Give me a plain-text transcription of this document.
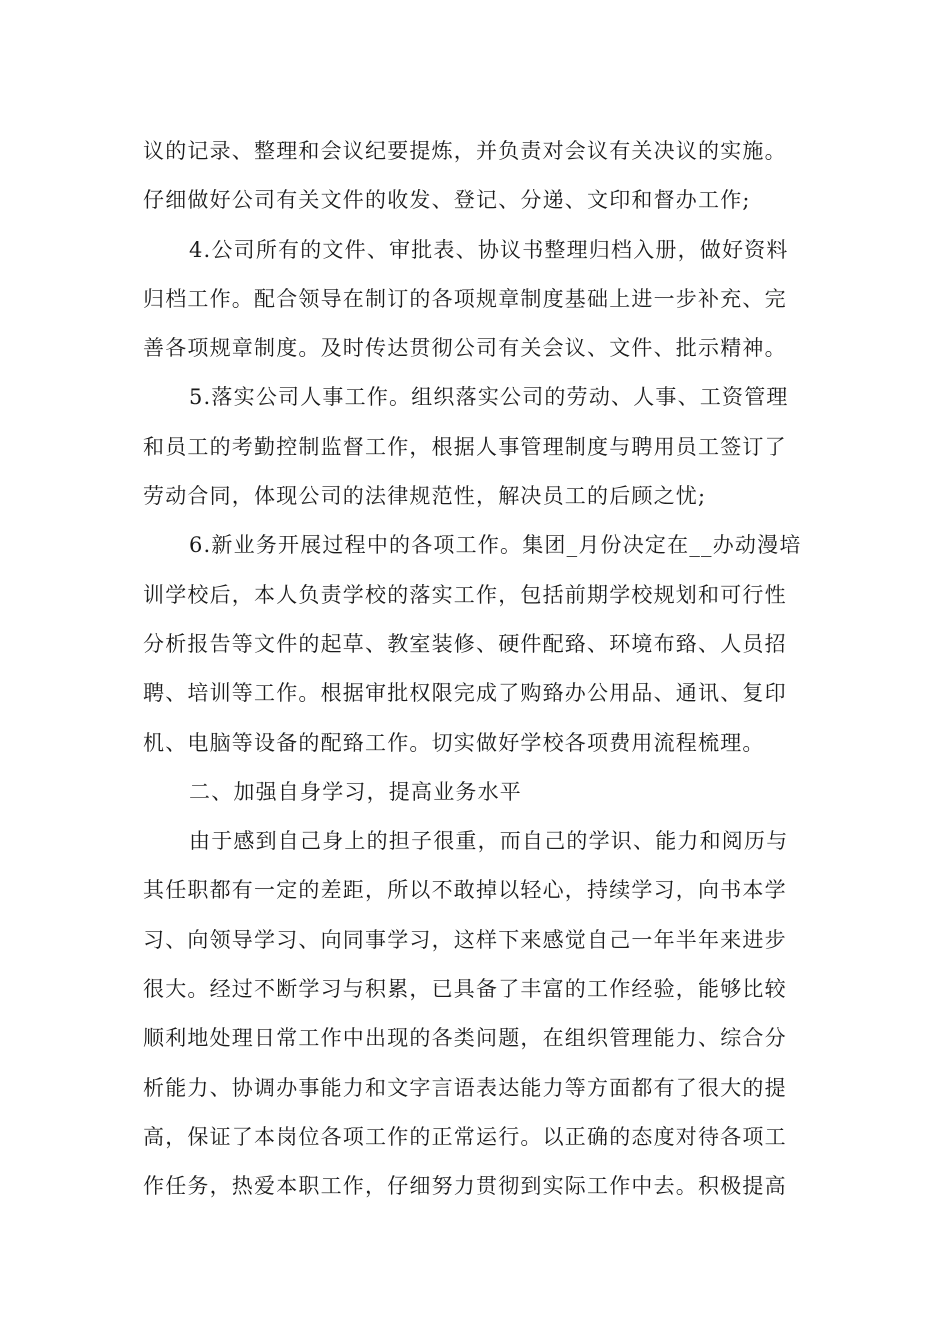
议的记录、整理和会议纪要提炼，并负责对会议有关决议的实施。
仔细做好公司有关文件的收发、登记、分递、文印和督办工作;
4.公司所有的文件、审批表、协议书整理归档入册，做好资料
归档工作。配合领导在制订的各项规章制度基础上进一步补充、完
善各项规章制度。及时传达贯彻公司有关会议、文件、批示精神。
5.落实公司人事工作。组织落实公司的劳动、人事、工资管理
和员工的考勤控制监督工作，根据人事管理制度与聘用员工签订了
劳动合同，体现公司的法律规范性，解决员工的后顾之忧;
6.新业务开展过程中的各项工作。集团_月份决定在__办动漫培
训学校后，本人负责学校的落实工作，包括前期学校规划和可行性
分析报告等文件的起草、教室装修、硬件配臵、环境布臵、人员招
聘、培训等工作。根据审批权限完成了购臵办公用品、通讯、复印
机、电脑等设备的配臵工作。切实做好学校各项费用流程梳理。
二、加强自身学习，提高业务水平
由于感到自己身上的担子很重，而自己的学识、能力和阅历与
其任职都有一定的差距，所以不敢掉以轻心，持续学习，向书本学
习、向领导学习、向同事学习，这样下来感觉自己一年半年来进步
很大。经过不断学习与积累，已具备了丰富的工作经验，能够比较
顺利地处理日常工作中出现的各类问题，在组织管理能力、综合分
析能力、协调办事能力和文字言语表达能力等方面都有了很大的提
高，保证了本岗位各项工作的正常运行。以正确的态度对待各项工
作任务，热爱本职工作，仔细努力贯彻到实际工作中去。积极提高
